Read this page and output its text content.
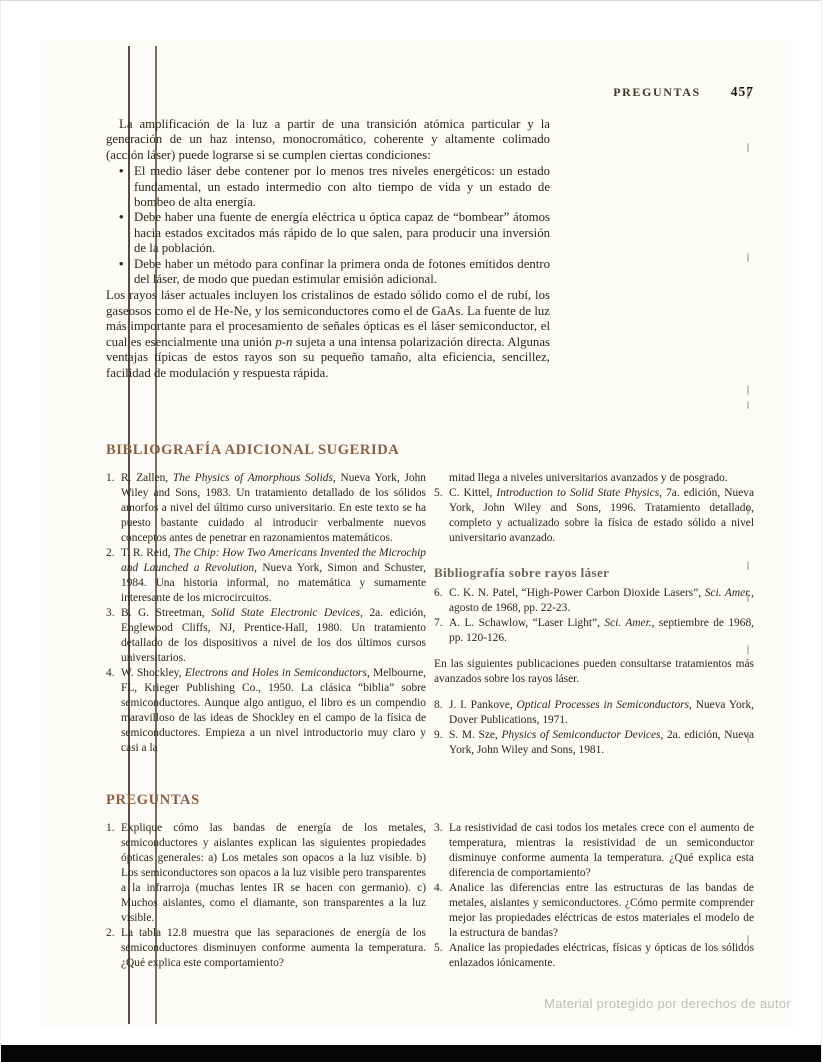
PREGUNTAS 457

La amplificación de la luz a partir de una transición atómica particular y la generación de un haz intenso, monocromático, coherente y altamente colimado (acción láser) puede lograrse si se cumplen ciertas condiciones:

• El medio láser debe contener por lo menos tres niveles energéticos: un estado fundamental, un estado intermedio con alto tiempo de vida y un estado de bombeo de alta energía.
• Debe haber una fuente de energía eléctrica u óptica capaz de “bombear” átomos hacia estados excitados más rápido de lo que salen, para producir una inversión de la población.
• Debe haber un método para confinar la primera onda de fotones emitidos dentro del láser, de modo que puedan estimular emisión adicional.

Los rayos láser actuales incluyen los cristalinos de estado sólido como el de rubí, los gaseosos como el de He-Ne, y los semiconductores como el de GaAs. La fuente de luz más importante para el procesamiento de señales ópticas es el láser semiconductor, el cual es esencialmente una unión p-n sujeta a una intensa polarización directa. Algunas ventajas típicas de estos rayos son su pequeño tamaño, alta eficiencia, sencillez, facilidad de modulación y respuesta rápida.

BIBLIOGRAFÍA ADICIONAL SUGERIDA
1. R. Zallen, The Physics of Amorphous Solids, Nueva York, John Wiley and Sons, 1983. Un tratamiento detallado de los sólidos amorfos a nivel del último curso universitario. En este texto se ha puesto bastante cuidado al introducir verbalmente nuevos conceptos antes de penetrar en razonamientos matemáticos.
2. T. R. Reid, The Chip: How Two Americans Invented the Microchip and Launched a Revolution, Nueva York, Simon and Schuster, 1984. Una historia informal, no matemática y sumamente interesante de los microcircuitos.
3. B. G. Streetman, Solid State Electronic Devices, 2a. edición, Englewood Cliffs, NJ, Prentice-Hall, 1980. Un tratamiento detallado de los dispositivos a nivel de los dos últimos cursos universitarios.
4. W. Shockley, Electrons and Holes in Semiconductors, Melbourne, FL, Krieger Publishing Co., 1950. La clásica “biblia” sobre semiconductores. Aunque algo antiguo, el libro es un compendio maravilloso de las ideas de Shockley en el campo de la física de semiconductores. Empieza a un nivel introductorio muy claro y casi a la

mitad llega a niveles universitarios avanzados y de posgrado.

5. C. Kittel, Introduction to Solid State Physics, 7a. edición, Nueva York, John Wiley and Sons, 1996. Tratamiento detallado, completo y actualizado sobre la física de estado sólido a nivel universitario avanzado.
Bibliografía sobre rayos láser
6. C. K. N. Patel, “High-Power Carbon Dioxide Lasers”, Sci. Amer., agosto de 1968, pp. 22-23.
7. A. L. Schawlow, “Laser Light”, Sci. Amer., septiembre de 1968, pp. 120-126.

En las siguientes publicaciones pueden consultarse tratamientos más avanzados sobre los rayos láser.

8. J. I. Pankove, Optical Processes in Semiconductors, Nueva York, Dover Publications, 1971.
9. S. M. Sze, Physics of Semiconductor Devices, 2a. edición, Nueva York, John Wiley and Sons, 1981.
PREGUNTAS
1. Explique cómo las bandas de energía de los metales, semiconductores y aislantes explican las siguientes propiedades ópticas generales: a) Los metales son opacos a la luz visible. b) Los semiconductores son opacos a la luz visible pero transparentes a la infrarroja (muchas lentes IR se hacen con germanio). c) Muchos aislantes, como el diamante, son transparentes a la luz visible.
2. La tabla 12.8 muestra que las separaciones de energía de los semiconductores disminuyen conforme aumenta la temperatura. ¿Qué explica este comportamiento?
3. La resistividad de casi todos los metales crece con el aumento de temperatura, mientras la resistividad de un semiconductor disminuye conforme aumenta la temperatura. ¿Qué explica esta diferencia de comportamiento?
4. Analice las diferencias entre las estructuras de las bandas de metales, aislantes y semiconductores. ¿Cómo permite comprender mejor las propiedades eléctricas de estos materiales el modelo de la estructura de bandas?
5. Analice las propiedades eléctricas, físicas y ópticas de los sólidos enlazados iónicamente.
Material protegido por derechos de autor
